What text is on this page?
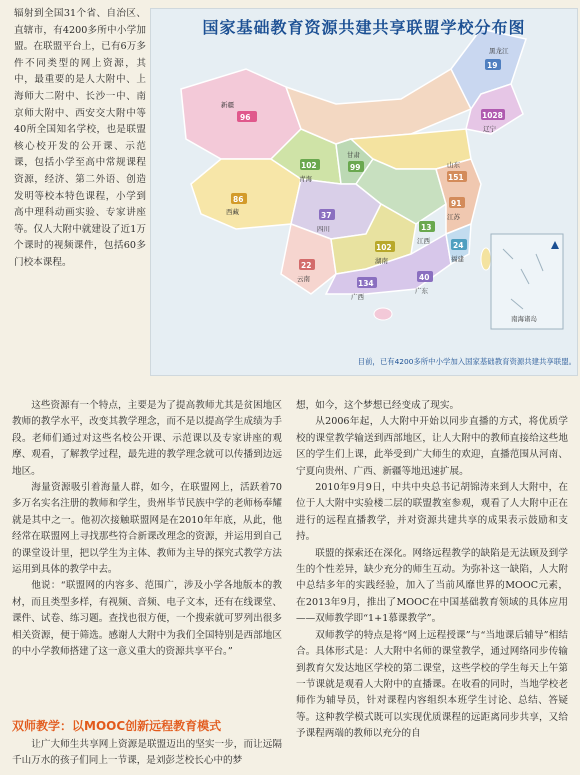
辐射到全国31个省、自治区、直辖市，有4200多所中小学加盟。在联盟平台上，已有6万多件不同类型的网上资源，其中，最重要的是人大附中、上海师大二附中、长沙一中、南京师大附中、西安交大附中等40所全国知名学校，也是联盟核心校开发的公开课、示范课，包括小学至高中常规课程资源，经济、第二外语、创造发明等校本特色课程，小学到高中理科动画实验、专家讲座等。仅人大附中就建设了近1万个课时的视频课件，包括60多门校本课程。

南海诸岛
96
86
102	99
37
22
134
40
19
1028
151
91
102	24
13
新疆
西藏
青海
甘肃
四川
云南
广西
广东
黑龙江
辽宁
山东
江苏
湖南	福建
江西
国家基础教育资源共建共享联盟学校分布图
目前，已有4200多所中小学加入国家基础教育资源共建共享联盟。

这些资源有一个特点，主要是为了提高教师尤其是贫困地区教师的教学水平，改变其教学理念，而不是以提高学生成绩为手段。老师们通过对这些名校公开课、示范课以及专家讲座的观摩、观看，了解教学过程，最先进的教学理念就可以传播到边远地区。

海量资源吸引着海量人群，如今，在联盟网上，活跃着70多万名实名注册的教师和学生，贵州毕节民族中学的老师杨奉耀就是其中之一。他初次接触联盟网是在2010年年底，从此，他经常在联盟网上寻找那些符合新课改理念的资源，并运用到自己的课堂设计里，把以学生为主体、教师为主导的探究式教学方法运用到具体的教学中去。

他说：“联盟网的内容多、范围广，涉及小学各地版本的教材，而且类型多样，有视频、音频、电子文本，还有在线课堂、课件、试卷、练习题。查找也很方便，一个搜索就可罗列出很多相关资源，便于筛选。感谢人大附中为我们全国特别是西部地区的中小学教师搭建了这一意义重大的资源共享平台。”

双师教学：以MOOC创新远程教育模式

让广大师生共享网上资源是联盟迈出的坚实一步，而让远隔千山万水的孩子们同上一节课，是刘彭芝校长心中的梦

想，如今，这个梦想已经变成了现实。

从2006年起，人大附中开始以同步直播的方式，将优质学校的课堂教学输送到西部地区，让人大附中的教师直接给这些地区的学生们上课，此举受到广大师生的欢迎，直播范围从河南、宁夏向贵州、广西、新疆等地迅速扩展。

2010年9月9日，中共中央总书记胡锦涛来到人大附中，在位于人大附中实验楼二层的联盟教室参观，观看了人大附中正在进行的远程直播教学，并对资源共建共享的成果表示鼓励和支持。

联盟的探索还在深化。网络远程教学的缺陷是无法顾及到学生的个性差异，缺少充分的师生互动。为弥补这一缺陷，人大附中总结多年的实践经验，加入了当前风靡世界的MOOC元素，在2013年9月，推出了MOOC在中国基础教育领域的具体应用——双师教学即“1+1慕课教学”。

双师教学的特点是将“网上远程授课”与“当地课后辅导”相结合。具体形式是：人大附中名师的课堂教学，通过网络同步传输到教育欠发达地区学校的第二课堂，这些学校的学生每天上午第一节课就是观看人大附中的直播课。在收看的同时，当地学校老师作为辅导员，针对课程内容组织本班学生讨论、总结、答疑等。这种教学模式既可以实现优质课程的远距离同步共享，又给予课程两端的教师以充分的自
